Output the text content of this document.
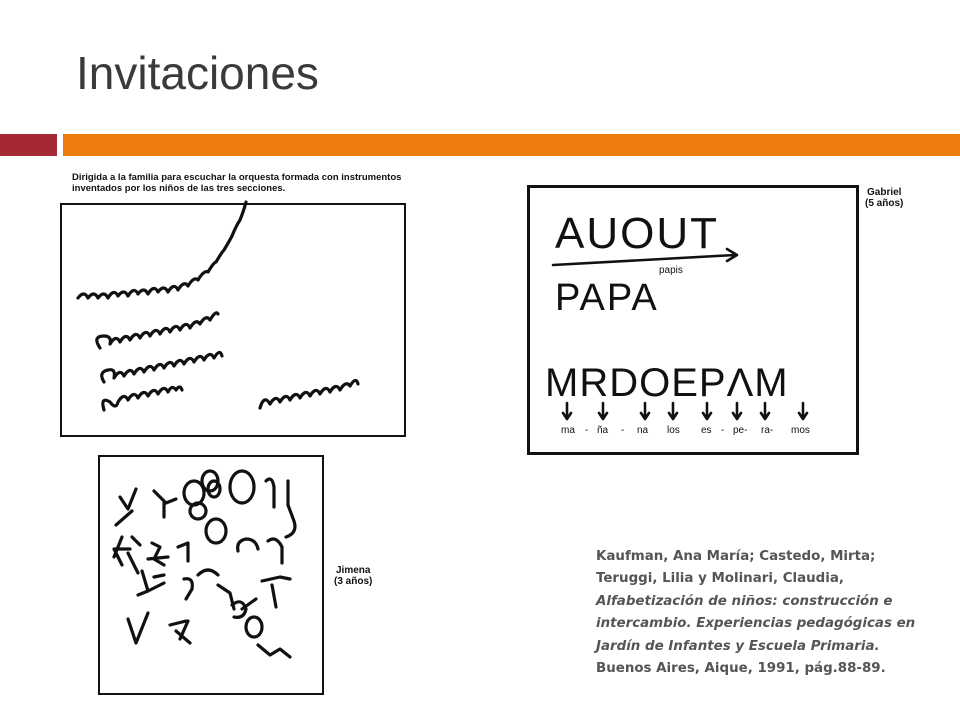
Invitaciones
Dirigida a la familia para escuchar la orquesta formada con instrumentos
inventados por los niños de las tres secciones.	Gabriel
(5 años)
AUOUT
papis
PAPA
MRDOEPΛM
ma - ña - na los es - pe- ra- mos
Jimena
(3 años)
Kaufman, Ana María; Castedo, Mirta; Teruggi, Lilia y Molinari, Claudia, Alfabetización de niños: construcción e intercambio. Experiencias pedagógicas en Jardín de Infantes y Escuela Primaria. Buenos Aires, Aique, 1991, pág.88-89.
